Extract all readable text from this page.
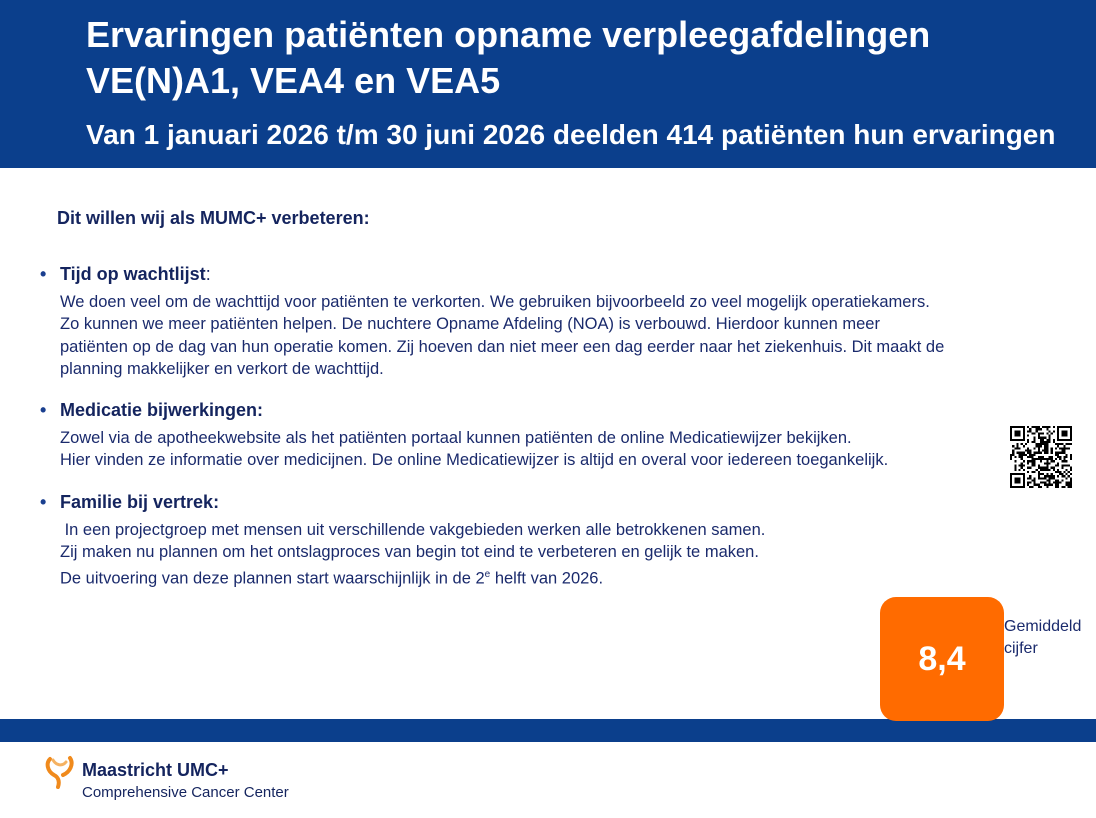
Ervaringen patiënten opname verpleegafdelingen
VE(N)A1, VEA4 en VEA5
Van 1 januari 2026 t/m 30 juni 2026 deelden 414 patiënten hun ervaringen
Dit willen wij als MUMC+ verbeteren:
• Tijd op wachtlijst:
We doen veel om de wachttijd voor patiënten te verkorten. We gebruiken bijvoorbeeld zo veel mogelijk operatiekamers.
Zo kunnen we meer patiënten helpen. De nuchtere Opname Afdeling (NOA) is verbouwd. Hierdoor kunnen meer
patiënten op de dag van hun operatie komen. Zij hoeven dan niet meer een dag eerder naar het ziekenhuis. Dit maakt de
planning makkelijker en verkort de wachttijd.
• Medicatie bijwerkingen:
Zowel via de apotheekwebsite als het patiënten portaal kunnen patiënten de online Medicatiewijzer bekijken.
Hier vinden ze informatie over medicijnen. De online Medicatiewijzer is altijd en overal voor iedereen toegankelijk.
• Familie bij vertrek:
In een projectgroep met mensen uit verschillende vakgebieden werken alle betrokkenen samen.
Zij maken nu plannen om het ontslagproces van begin tot eind te verbeteren en gelijk te maken.
De uitvoering van deze plannen start waarschijnlijk in de 2e helft van 2026.
8,4
Gemiddeld
cijfer
Maastricht UMC+
Comprehensive Cancer Center
